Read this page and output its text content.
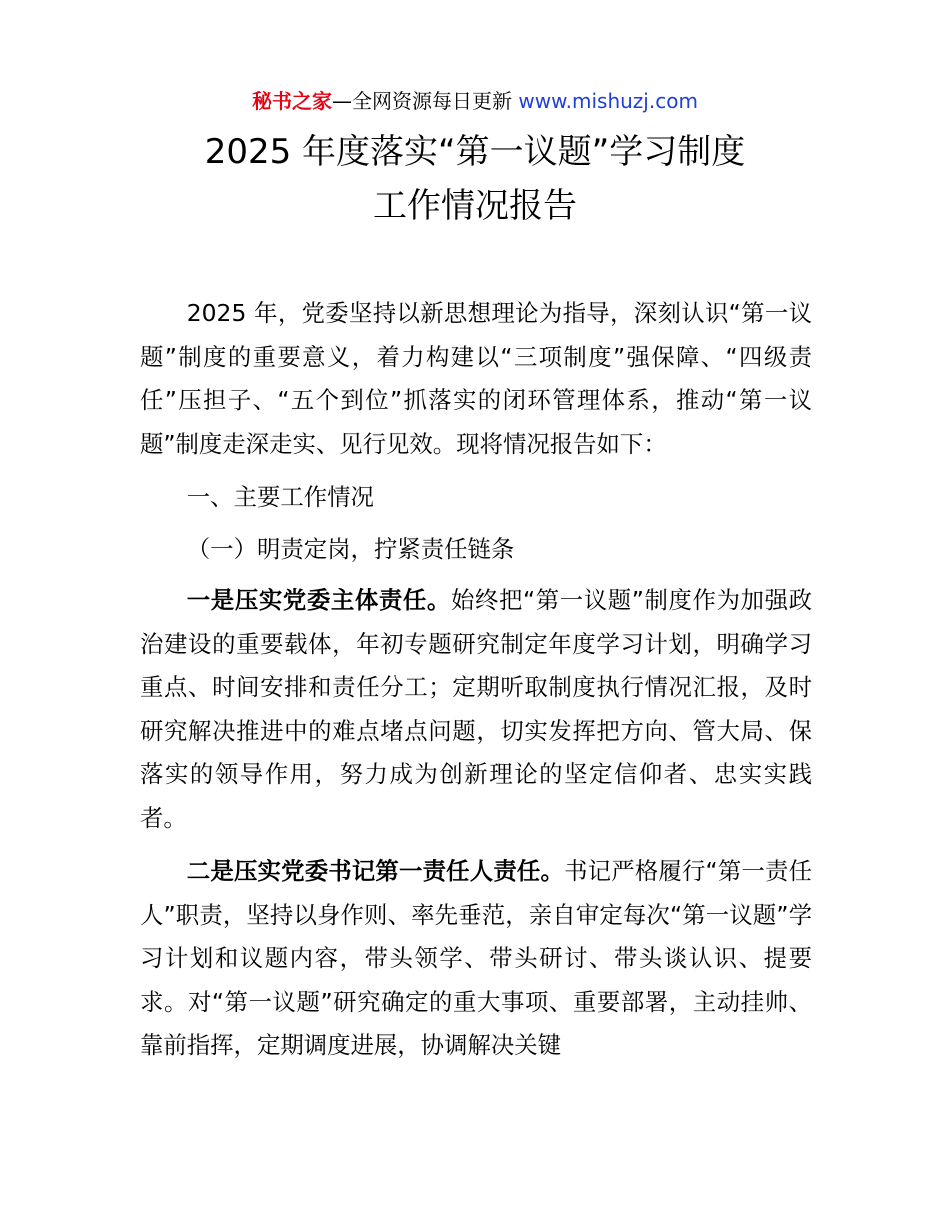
秘书之家—全网资源每日更新 www.mishuzj.com
2025 年度落实“第一议题”学习制度
工作情况报告

2025 年，党委坚持以新思想理论为指导，深刻认识“第一议题”制度的重要意义，着力构建以“三项制度”强保障、“四级责任”压担子、“五个到位”抓落实的闭环管理体系，推动“第一议题”制度走深走实、见行见效。现将情况报告如下：

一、主要工作情况

（一）明责定岗，拧紧责任链条

一是压实党委主体责任。始终把“第一议题”制度作为加强政治建设的重要载体，年初专题研究制定年度学习计划，明确学习重点、时间安排和责任分工；定期听取制度执行情况汇报，及时研究解决推进中的难点堵点问题，切实发挥把方向、管大局、保落实的领导作用，努力成为创新理论的坚定信仰者、忠实实践者。

二是压实党委书记第一责任人责任。书记严格履行“第一责任人”职责，坚持以身作则、率先垂范，亲自审定每次“第一议题”学习计划和议题内容，带头领学、带头研讨、带头谈认识、提要求。对“第一议题”研究确定的重大事项、重要部署，主动挂帅、靠前指挥，定期调度进展，协调解决关键
